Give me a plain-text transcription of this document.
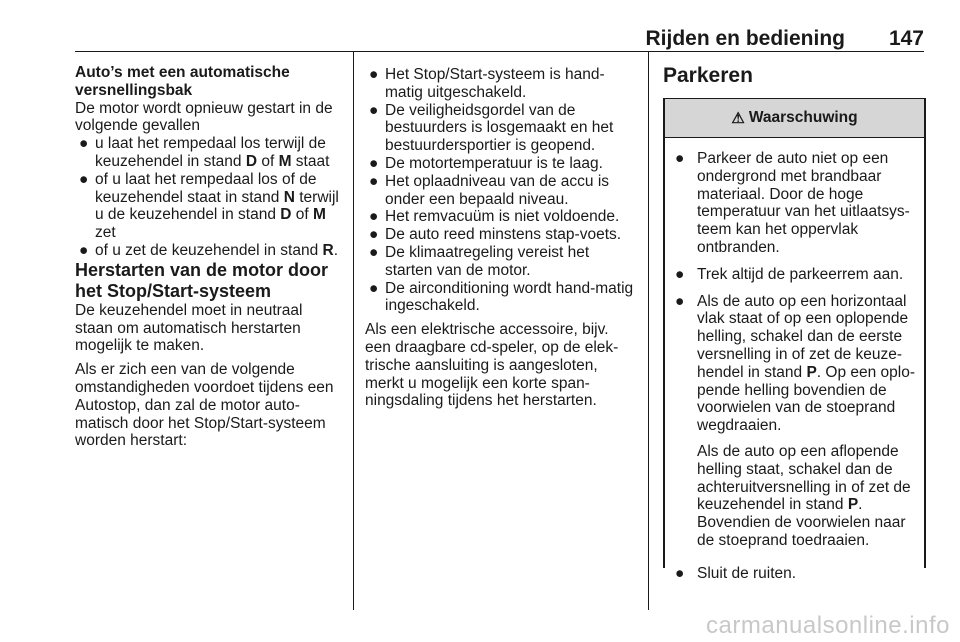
Rijden en bediening 147

Auto’s met een automatische versnellingsbak

De motor wordt opnieuw gestart in de volgende gevallen

● u laat het rempedaal los terwijl de keuzehendel in stand D of M staat

● of u laat het rempedaal los of de keuzehendel staat in stand N terwijl u de keuzehendel in stand D of M zet

● of u zet de keuzehendel in stand R.

Herstarten van de motor door het Stop/Start-systeem

De keuzehendel moet in neutraal staan om automatisch herstarten mogelijk te maken.

Als er zich een van de volgende omstandigheden voordoet tijdens een Autostop, dan zal de motor auto-matisch door het Stop/Start-systeem worden herstart:

● Het Stop/Start-systeem is hand-matig uitgeschakeld.

● De veiligheidsgordel van de bestuurders is losgemaakt en het bestuurdersportier is geopend.

● De motortemperatuur is te laag.

● Het oplaadniveau van de accu is onder een bepaald niveau.

● Het remvacuüm is niet voldoende.

● De auto reed minstens stap-voets.

● De klimaatregeling vereist het starten van de motor.

● De airconditioning wordt hand-matig ingeschakeld.

Als een elektrische accessoire, bijv. een draagbare cd-speler, op de elek-trische aansluiting is aangesloten, merkt u mogelijk een korte span-ningsdaling tijdens het herstarten.

Parkeren
⚠ Waarschuwing

● Parkeer de auto niet op een ondergrond met brandbaar materiaal. Door de hoge temperatuur van het uitlaatsys-teem kan het oppervlak ontbranden.

● Trek altijd de parkeerrem aan.

● Als de auto op een horizontaal vlak staat of op een oplopende helling, schakel dan de eerste versnelling in of zet de keuze-hendel in stand P. Op een oplo-pende helling bovendien de voorwielen van de stoeprand wegdraaien.

Als de auto op een aflopende helling staat, schakel dan de achteruitversnelling in of zet de keuzehendel in stand P. Bovendien de voorwielen naar de stoeprand toedraaien.

● Sluit de ruiten.

carmanualsonline.info
